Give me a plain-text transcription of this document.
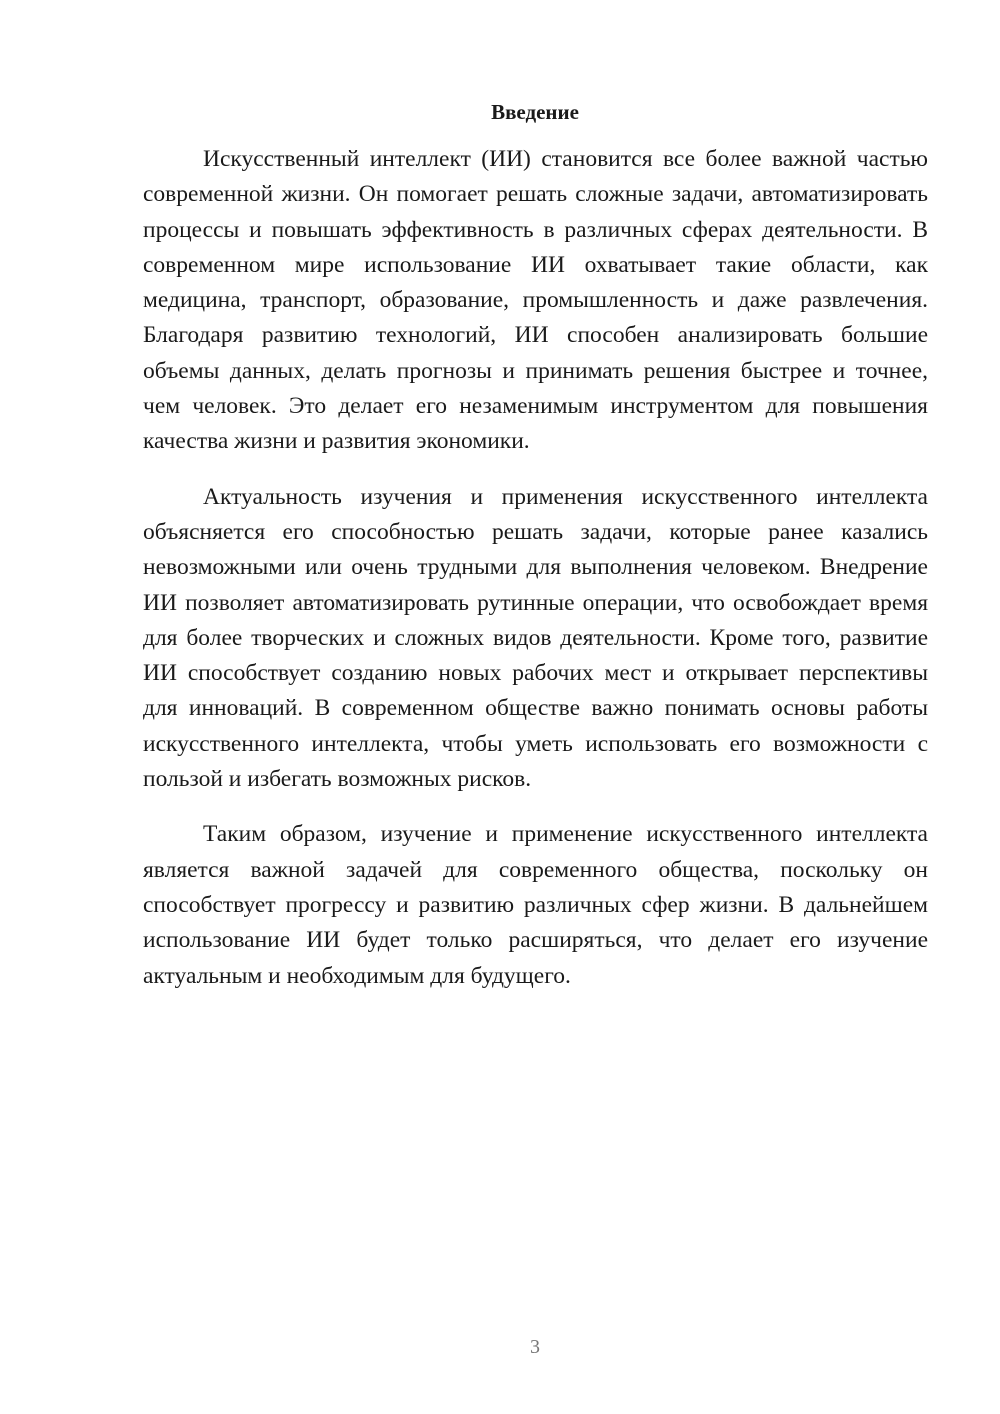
Введение

Искусственный интеллект (ИИ) становится все более важной частью современной жизни. Он помогает решать сложные задачи, автоматизировать процессы и повышать эффективность в различных сферах деятельности. В современном мире использование ИИ охватывает такие области, как медицина, транспорт, образование, промышленность и даже развлечения. Благодаря развитию технологий, ИИ способен анализировать большие объемы данных, делать прогнозы и принимать решения быстрее и точнее, чем человек. Это делает его незаменимым инструментом для повышения качества жизни и развития экономики.

Актуальность изучения и применения искусственного интеллекта объясняется его способностью решать задачи, которые ранее казались невозможными или очень трудными для выполнения человеком. Внедрение ИИ позволяет автоматизировать рутинные операции, что освобождает время для более творческих и сложных видов деятельности. Кроме того, развитие ИИ способствует созданию новых рабочих мест и открывает перспективы для инноваций. В современном обществе важно понимать основы работы искусственного интеллекта, чтобы уметь использовать его возможности с пользой и избегать возможных рисков.

Таким образом, изучение и применение искусственного интеллекта является важной задачей для современного общества, поскольку он способствует прогрессу и развитию различных сфер жизни. В дальнейшем использование ИИ будет только расширяться, что делает его изучение актуальным и необходимым для будущего.

3
